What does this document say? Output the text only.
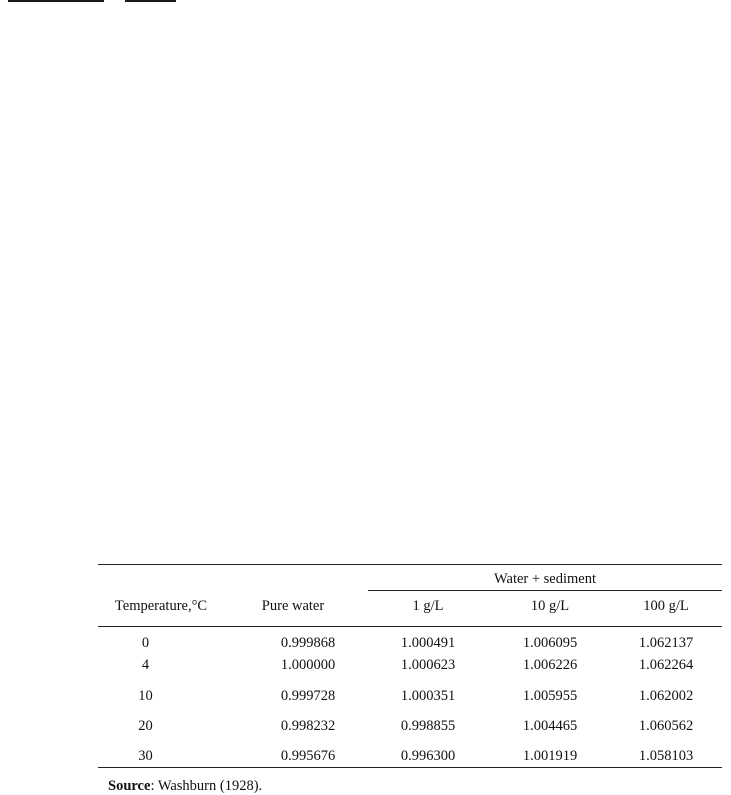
Water + sediment
Temperature,°C	Pure water	1 g/L	10 g/L	100 g/L
0	0.999868	1.000491	1.006095	1.062137
4	1.000000	1.000623	1.006226	1.062264
10	0.999728	1.000351	1.005955	1.062002
20	0.998232	0.998855	1.004465	1.060562
30	0.995676	0.996300	1.001919	1.058103
Source: Washburn (1928).
